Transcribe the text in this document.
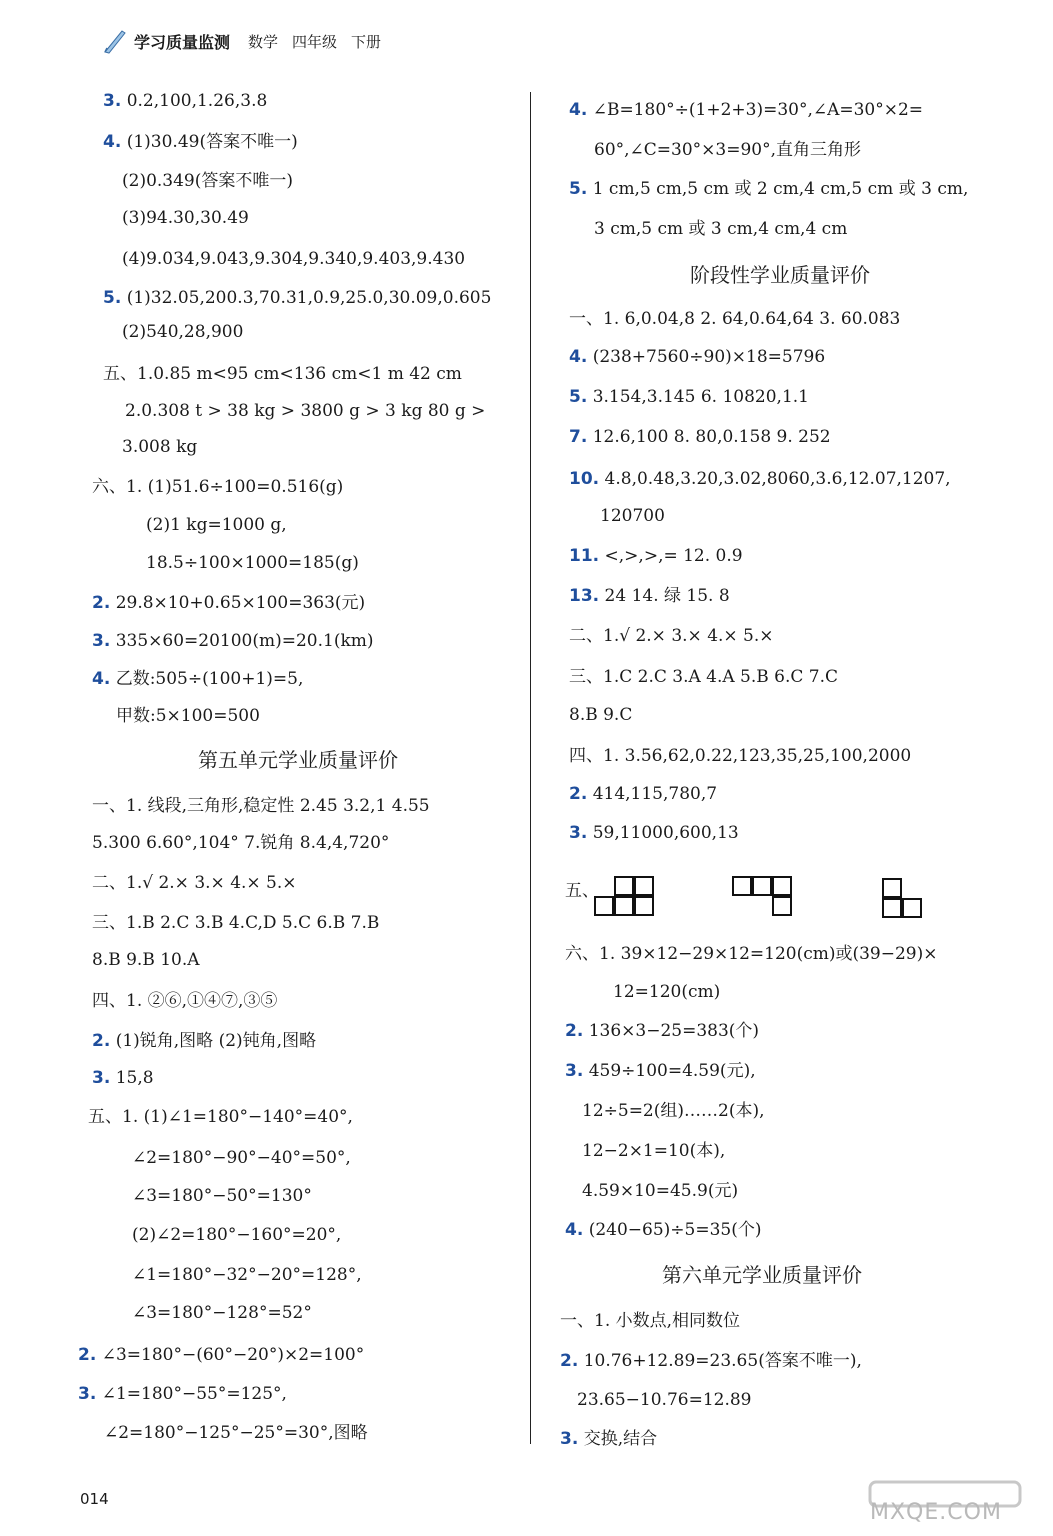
学习质量监测 数学 四年级 下册
3. 0.2,100,1.26,3.8
4. (1)30.49(答案不唯一)
(2)0.349(答案不唯一)
(3)94.30,30.49
(4)9.034,9.043,9.304,9.340,9.403,9.430
5. (1)32.05,200.3,70.31,0.9,25.0,30.09,0.605
(2)540,28,900
五、1.0.85 m<95 cm<136 cm<1 m 42 cm
2.0.308 t > 38 kg > 3800 g > 3 kg 80 g >
3.008 kg
六、1. (1)51.6÷100=0.516(g)
(2)1 kg=1000 g,
18.5÷100×1000=185(g)
2. 29.8×10+0.65×100=363(元)
3. 335×60=20100(m)=20.1(km)
4. 乙数:505÷(100+1)=5,
甲数:5×100=500
第五单元学业质量评价
一、1. 线段,三角形,稳定性 2.45 3.2,1 4.55
5.300 6.60°,104° 7.锐角 8.4,4,720°
二、1.√ 2.× 3.× 4.× 5.×
三、1.B 2.C 3.B 4.C,D 5.C 6.B 7.B
8.B 9.B 10.A
四、1. ②⑥,①④⑦,③⑤
2. (1)锐角,图略 (2)钝角,图略
3. 15,8
五、1. (1)∠1=180°−140°=40°,
∠2=180°−90°−40°=50°,
∠3=180°−50°=130°
(2)∠2=180°−160°=20°,
∠1=180°−32°−20°=128°,
∠3=180°−128°=52°
2. ∠3=180°−(60°−20°)×2=100°
3. ∠1=180°−55°=125°,
∠2=180°−125°−25°=30°,图略
4. ∠B=180°÷(1+2+3)=30°,∠A=30°×2=
60°,∠C=30°×3=90°,直角三角形
5. 1 cm,5 cm,5 cm 或 2 cm,4 cm,5 cm 或 3 cm,
3 cm,5 cm 或 3 cm,4 cm,4 cm
阶段性学业质量评价
一、1. 6,0.04,8 2. 64,0.64,64 3. 60.083
4. (238+7560÷90)×18=5796
5. 3.154,3.145 6. 10820,1.1
7. 12.6,100 8. 80,0.158 9. 252
10. 4.8,0.48,3.20,3.02,8060,3.6,12.07,1207,
120700
11. <,>,>,= 12. 0.9
13. 24 14. 绿 15. 8
二、1.√ 2.× 3.× 4.× 5.×
三、1.C 2.C 3.A 4.A 5.B 6.C 7.C
8.B 9.C
四、1. 3.56,62,0.22,123,35,25,100,2000
2. 414,115,780,7
3. 59,11000,600,13
五、
六、1. 39×12−29×12=120(cm)或(39−29)×
12=120(cm)
2. 136×3−25=383(个)
3. 459÷100=4.59(元),
12÷5=2(组)……2(本),
12−2×1=10(本),
4.59×10=45.9(元)
4. (240−65)÷5=35(个)
第六单元学业质量评价
一、1. 小数点,相同数位
2. 10.76+12.89=23.65(答案不唯一),
23.65−10.76=12.89
3. 交换,结合
014
MXQE.COM
